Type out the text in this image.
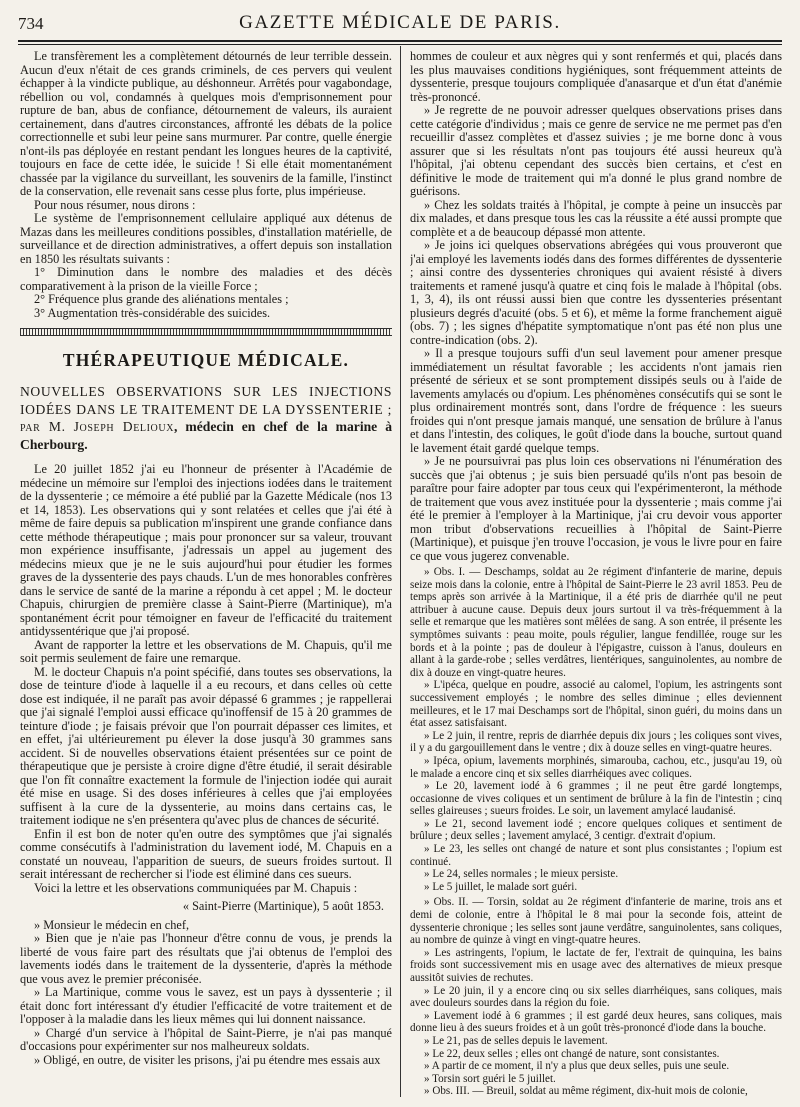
734	GAZETTE MÉDICALE DE PARIS.

Le transfèrement les a complètement détournés de leur terrible dessein. Aucun d'eux n'était de ces grands criminels, de ces pervers qui veulent échapper à la vindicte publique, au déshonneur. Arrêtés pour vagabondage, rébellion ou vol, condamnés à quelques mois d'emprisonnement pour rupture de ban, abus de confiance, détournement de valeurs, ils auraient certainement, dans d'autres circonstances, affronté les débats de la police correctionnelle et subi leur peine sans murmurer. Par contre, quelle énergie n'ont-ils pas déployée en restant pendant les longues heures de la captivité, toujours en face de cette idée, le suicide ! Si elle était momentanément chassée par la vigilance du surveillant, les souvenirs de la famille, l'instinct de la conservation, elle revenait sans cesse plus forte, plus impérieuse.

Pour nous résumer, nous dirons :

Le système de l'emprisonnement cellulaire appliqué aux détenus de Mazas dans les meilleures conditions possibles, d'installation matérielle, de surveillance et de direction administratives, a offert depuis son installation en 1850 les résultats suivants :

1° Diminution dans le nombre des maladies et des décès comparativement à la prison de la vieille Force ;

2° Fréquence plus grande des aliénations mentales ;

3° Augmentation très-considérable des suicides.

THÉRAPEUTIQUE MÉDICALE.
NOUVELLES OBSERVATIONS SUR LES INJECTIONS IODÉES DANS LE TRAITEMENT DE LA DYSSENTERIE ; par M. Joseph Delioux, médecin en chef de la marine à Cherbourg.

Le 20 juillet 1852 j'ai eu l'honneur de présenter à l'Académie de médecine un mémoire sur l'emploi des injections iodées dans le traitement de la dyssenterie ; ce mémoire a été publié par la Gazette Médicale (nos 13 et 14, 1853). Les observations qui y sont relatées et celles que j'ai été à même de faire depuis sa publication m'inspirent une grande confiance dans cette méthode thérapeutique ; mais pour prononcer sur sa valeur, trouvant mon expérience insuffisante, j'adressais un appel au jugement des médecins mieux que je ne le suis aujourd'hui pour étudier les formes graves de la dyssenterie des pays chauds. L'un de mes honorables confrères dans le service de santé de la marine a répondu à cet appel ; M. le docteur Chapuis, chirurgien de première classe à Saint-Pierre (Martinique), m'a spontanément écrit pour témoigner en faveur de l'efficacité du traitement antidyssentérique que j'ai proposé.

Avant de rapporter la lettre et les observations de M. Chapuis, qu'il me soit permis seulement de faire une remarque.

M. le docteur Chapuis n'a point spécifié, dans toutes ses observations, la dose de teinture d'iode à laquelle il a eu recours, et dans celles où cette dose est indiquée, il ne paraît pas avoir dépassé 6 grammes ; je rappellerai que j'ai signalé l'emploi aussi efficace qu'inoffensif de 15 à 20 grammes de teinture d'iode ; je faisais prévoir que l'on pourrait dépasser ces limites, et en effet, j'ai ultérieurement pu élever la dose jusqu'à 30 grammes sans accident. Si de nouvelles observations étaient présentées sur ce point de thérapeutique que je persiste à croire digne d'être étudié, il serait désirable que l'on fît connaître exactement la formule de l'injection iodée qui aurait été mise en usage. Si des doses inférieures à celles que j'ai employées suffisent à la cure de la dyssenterie, au moins dans certains cas, le traitement iodique ne s'en présentera qu'avec plus de chances de sécurité.

Enfin il est bon de noter qu'en outre des symptômes que j'ai signalés comme consécutifs à l'administration du lavement iodé, M. Chapuis en a constaté un nouveau, l'apparition de sueurs, de sueurs froides surtout. Il serait intéressant de rechercher si l'iode est éliminé dans ces sueurs.

Voici la lettre et les observations communiquées par M. Chapuis :

« Saint-Pierre (Martinique), 5 août 1853.

» Monsieur le médecin en chef,

» Bien que je n'aie pas l'honneur d'être connu de vous, je prends la liberté de vous faire part des résultats que j'ai obtenus de l'emploi des lavements iodés dans le traitement de la dyssenterie, d'après la méthode que vous avez le premier préconisée.

» La Martinique, comme vous le savez, est un pays à dyssenterie ; il était donc fort intéressant d'y étudier l'efficacité de votre traitement et de l'opposer à la maladie dans les lieux mêmes qui lui donnent naissance.

» Chargé d'un service à l'hôpital de Saint-Pierre, je n'ai pas manqué d'occasions pour expérimenter sur nos malheureux soldats.

» Obligé, en outre, de visiter les prisons, j'ai pu étendre mes essais aux

hommes de couleur et aux nègres qui y sont renfermés et qui, placés dans les plus mauvaises conditions hygiéniques, sont fréquemment atteints de dyssenterie, presque toujours compliquée d'anasarque et d'un état d'anémie très-prononcé.

» Je regrette de ne pouvoir adresser quelques observations prises dans cette catégorie d'individus ; mais ce genre de service ne me permet pas d'en recueillir d'assez complètes et d'assez suivies ; je me borne donc à vous assurer que si les résultats n'ont pas toujours été aussi heureux qu'à l'hôpital, j'ai obtenu cependant des succès bien certains, et c'est en définitive le mode de traitement qui m'a donné le plus grand nombre de guérisons.

» Chez les soldats traités à l'hôpital, je compte à peine un insuccès par dix malades, et dans presque tous les cas la réussite a été aussi prompte que complète et a de beaucoup dépassé mon attente.

» Je joins ici quelques observations abrégées qui vous prouveront que j'ai employé les lavements iodés dans des formes différentes de dyssenterie ; ainsi contre des dyssenteries chroniques qui avaient résisté à divers traitements et ramené jusqu'à quatre et cinq fois le malade à l'hôpital (obs. 1, 3, 4), ils ont réussi aussi bien que contre les dyssenteries présentant plusieurs degrés d'acuité (obs. 5 et 6), et même la forme franchement aiguë (obs. 7) ; les signes d'hépatite symptomatique n'ont pas été non plus une contre-indication (obs. 2).

» Il a presque toujours suffi d'un seul lavement pour amener presque immédiatement un résultat favorable ; les accidents n'ont jamais rien présenté de sérieux et se sont promptement dissipés seuls ou à l'aide de lavements amylacés ou d'opium. Les phénomènes consécutifs qui se sont le plus ordinairement montrés sont, dans l'ordre de fréquence : les sueurs froides qui n'ont presque jamais manqué, une sensation de brûlure à l'anus et dans l'intestin, des coliques, le goût d'iode dans la bouche, surtout quand le lavement était gardé quelque temps.

» Je ne poursuivrai pas plus loin ces observations ni l'énumération des succès que j'ai obtenus ; je suis bien persuadé qu'ils n'ont pas besoin de paraître pour faire adopter par tous ceux qui l'expérimenteront, la méthode de traitement que vous avez instituée pour la dyssenterie ; mais comme j'ai été le premier à l'employer à la Martinique, j'ai cru devoir vous apporter mon tribut d'observations recueillies à l'hôpital de Saint-Pierre (Martinique), et puisque j'en trouve l'occasion, je vous le livre pour en faire ce que vous jugerez convenable.

» Obs. I. — Deschamps, soldat au 2e régiment d'infanterie de marine, depuis seize mois dans la colonie, entre à l'hôpital de Saint-Pierre le 23 avril 1853. Peu de temps après son arrivée à la Martinique, il a été pris de diarrhée qu'il ne peut attribuer à aucune cause. Depuis deux jours surtout il va très-fréquemment à la selle et remarque que les matières sont mêlées de sang. A son entrée, il présente les symptômes suivants : peau moite, pouls régulier, langue fendillée, rouge sur les bords et à la pointe ; pas de douleur à l'épigastre, cuisson à l'anus, douleurs en allant à la garde-robe ; selles verdâtres, lientériques, sanguinolentes, au nombre de dix à douze en vingt-quatre heures.

» L'ipéca, quelque en poudre, associé au calomel, l'opium, les astringents sont successivement employés ; le nombre des selles diminue ; elles deviennent meilleures, et le 17 mai Deschamps sort de l'hôpital, sinon guéri, du moins dans un état assez satisfaisant.

» Le 2 juin, il rentre, repris de diarrhée depuis dix jours ; les coliques sont vives, il y a du gargouillement dans le ventre ; dix à douze selles en vingt-quatre heures.

» Ipéca, opium, lavements morphinés, simarouba, cachou, etc., jusqu'au 19, où le malade a encore cinq et six selles diarrhéiques avec coliques.

» Le 20, lavement iodé à 6 grammes ; il ne peut être gardé longtemps, occasionne de vives coliques et un sentiment de brûlure à la fin de l'intestin ; cinq selles glaireuses ; sueurs froides. Le soir, un lavement amylacé laudanisé.

» Le 21, second lavement iodé ; encore quelques coliques et sentiment de brûlure ; deux selles ; lavement amylacé, 3 centigr. d'extrait d'opium.

» Le 23, les selles ont changé de nature et sont plus consistantes ; l'opium est continué.

» Le 24, selles normales ; le mieux persiste.

» Le 5 juillet, le malade sort guéri.

» Obs. II. — Torsin, soldat au 2e régiment d'infanterie de marine, trois ans et demi de colonie, entre à l'hôpital le 8 mai pour la seconde fois, atteint de dyssenterie chronique ; les selles sont jaune verdâtre, sanguinolentes, sans coliques, au nombre de quinze à vingt en vingt-quatre heures.

» Les astringents, l'opium, le lactate de fer, l'extrait de quinquina, les bains froids sont successivement mis en usage avec des alternatives de mieux presque aussitôt suivies de rechutes.

» Le 20 juin, il y a encore cinq ou six selles diarrhéiques, sans coliques, mais avec douleurs sourdes dans la région du foie.

» Lavement iodé à 6 grammes ; il est gardé deux heures, sans coliques, mais donne lieu à des sueurs froides et à un goût très-prononcé d'iode dans la bouche.

» Le 21, pas de selles depuis le lavement.

» Le 22, deux selles ; elles ont changé de nature, sont consistantes.

» A partir de ce moment, il n'y a plus que deux selles, puis une seule.

» Torsin sort guéri le 5 juillet.

» Obs. III. — Breuil, soldat au même régiment, dix-huit mois de colonie,
